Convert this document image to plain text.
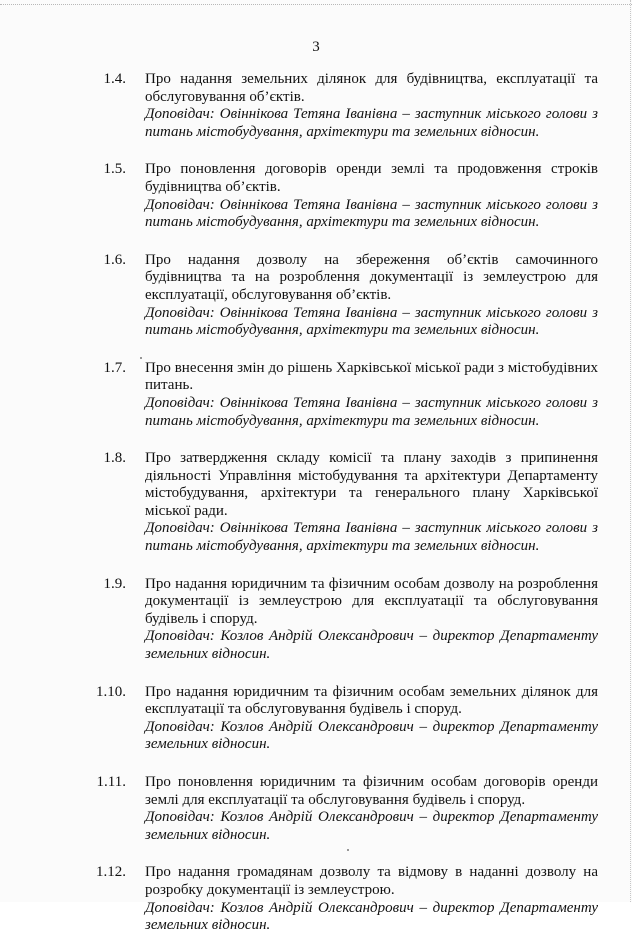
3
1.4. Про надання земельних ділянок для будівництва, експлуатації та обслуговування об’єктів.
Доповідач: Овіннікова Тетяна Іванівна – заступник міського голови з питань містобудування, архітектури та земельних відносин.
1.5. Про поновлення договорів оренди землі та продовження строків будівництва об’єктів.
Доповідач: Овіннікова Тетяна Іванівна – заступник міського голови з питань містобудування, архітектури та земельних відносин.
1.6. Про надання дозволу на збереження об’єктів самочинного будівництва та на розроблення документації із землеустрою для експлуатації, обслуговування об’єктів.
Доповідач: Овіннікова Тетяна Іванівна – заступник міського голови з питань містобудування, архітектури та земельних відносин.
1.7. Про внесення змін до рішень Харківської міської ради з містобудівних питань.
Доповідач: Овіннікова Тетяна Іванівна – заступник міського голови з питань містобудування, архітектури та земельних відносин.
1.8. Про затвердження складу комісії та плану заходів з припинення діяльності Управління містобудування та архітектури Департаменту містобудування, архітектури та генерального плану Харківської міської ради.
Доповідач: Овіннікова Тетяна Іванівна – заступник міського голови з питань містобудування, архітектури та земельних відносин.
1.9. Про надання юридичним та фізичним особам дозволу на розроблення документації із землеустрою для експлуатації та обслуговування будівель і споруд.
Доповідач: Козлов Андрій Олександрович – директор Департаменту земельних відносин.
1.10. Про надання юридичним та фізичним особам земельних ділянок для експлуатації та обслуговування будівель і споруд.
Доповідач: Козлов Андрій Олександрович – директор Департаменту земельних відносин.
1.11. Про поновлення юридичним та фізичним особам договорів оренди землі для експлуатації та обслуговування будівель і споруд.
Доповідач: Козлов Андрій Олександрович – директор Департаменту земельних відносин.
1.12. Про надання громадянам дозволу та відмову в наданні дозволу на розробку документації із землеустрою.
Доповідач: Козлов Андрій Олександрович – директор Департаменту земельних відносин.
